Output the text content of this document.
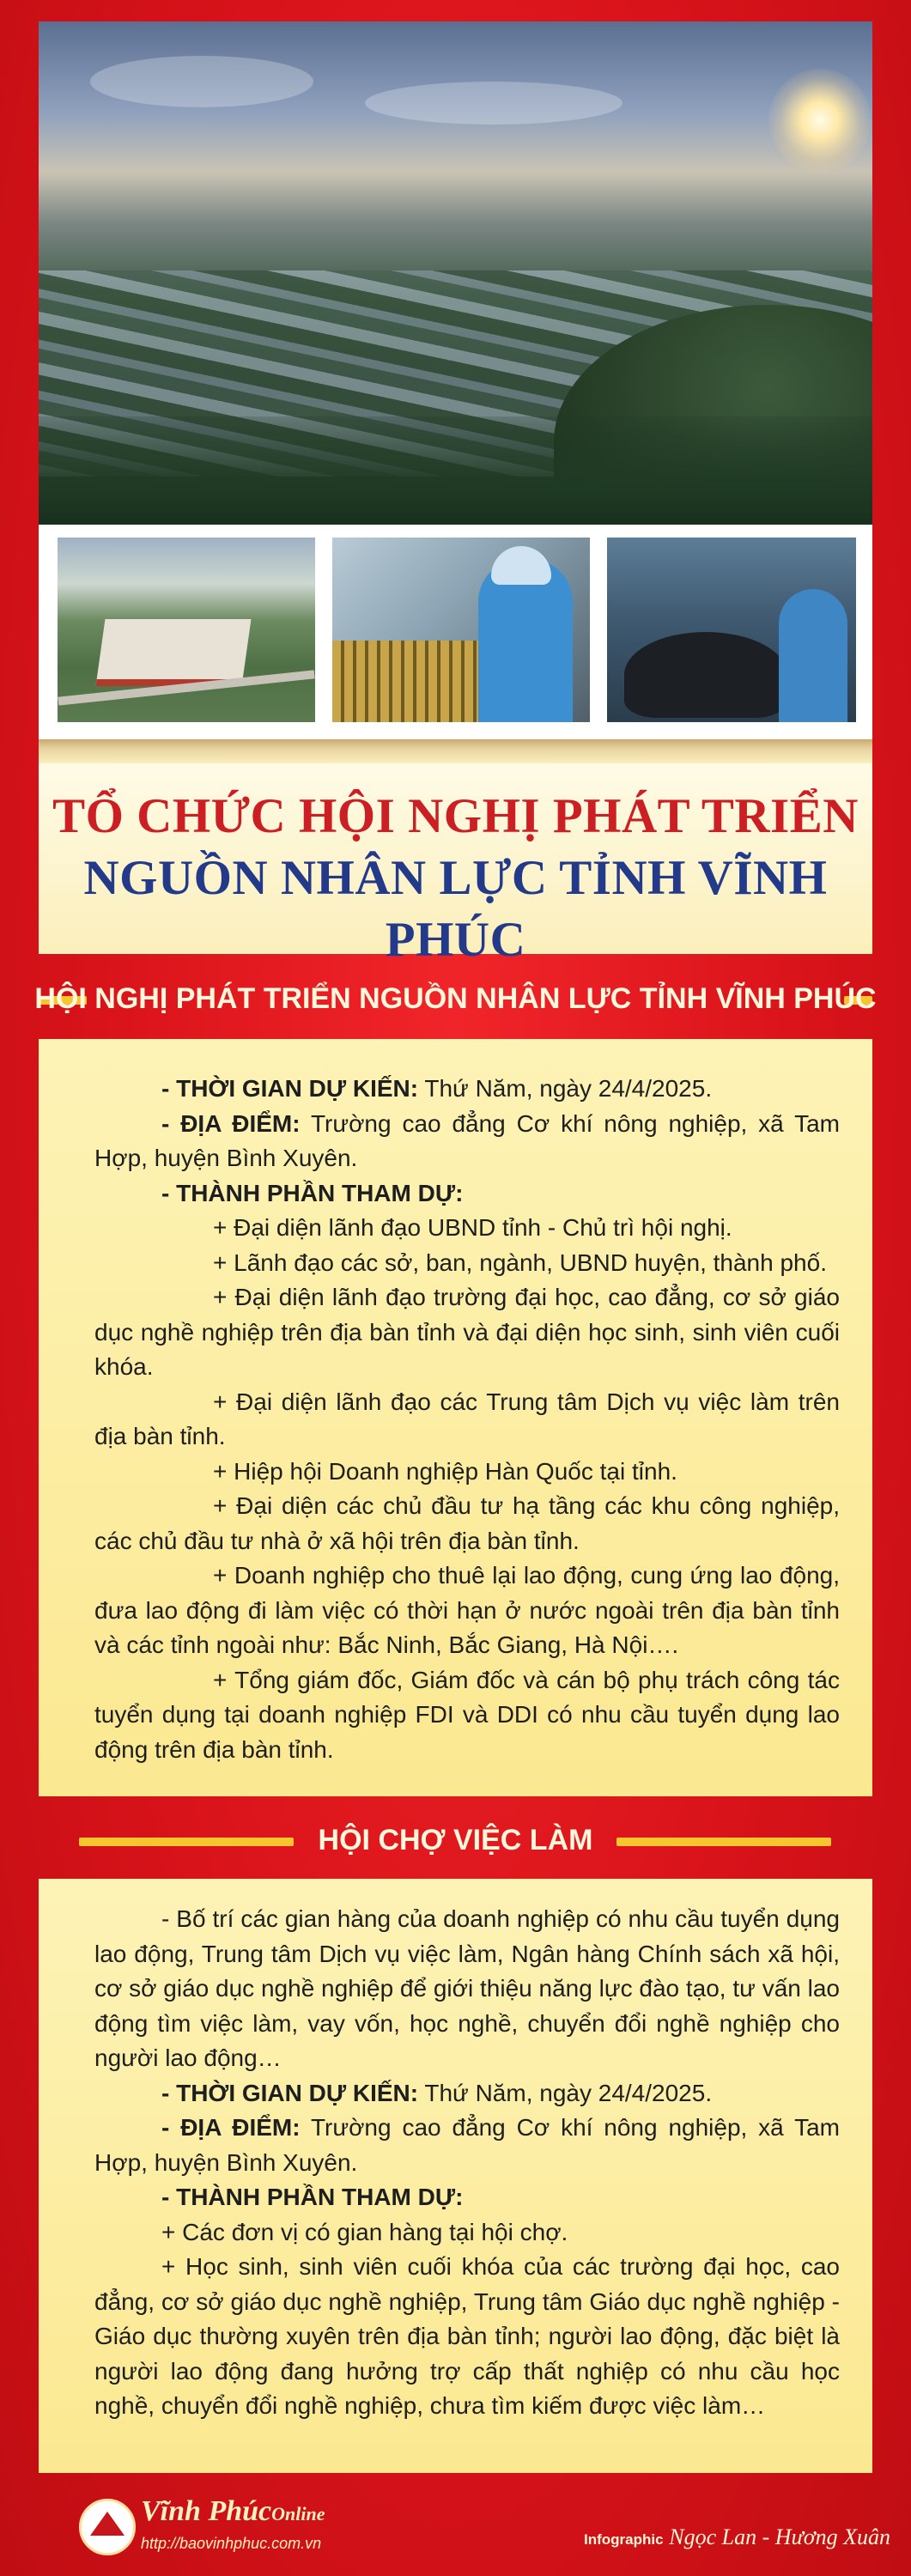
TỔ CHỨC HỘI NGHỊ PHÁT TRIỂN
NGUỒN NHÂN LỰC TỈNH VĨNH PHÚC
HỘI NGHỊ PHÁT TRIỂN NGUỒN NHÂN LỰC TỈNH VĨNH PHÚC

- THỜI GIAN DỰ KIẾN: Thứ Năm, ngày 24/4/2025.

- ĐỊA ĐIỂM: Trường cao đẳng Cơ khí nông nghiệp, xã Tam Hợp, huyện Bình Xuyên.

- THÀNH PHẦN THAM DỰ:

+ Đại diện lãnh đạo UBND tỉnh - Chủ trì hội nghị.

+ Lãnh đạo các sở, ban, ngành, UBND huyện, thành phố.

+ Đại diện lãnh đạo trường đại học, cao đẳng, cơ sở giáo dục nghề nghiệp trên địa bàn tỉnh và đại diện học sinh, sinh viên cuối khóa.

+ Đại diện lãnh đạo các Trung tâm Dịch vụ việc làm trên địa bàn tỉnh.

+ Hiệp hội Doanh nghiệp Hàn Quốc tại tỉnh.

+ Đại diện các chủ đầu tư hạ tầng các khu công nghiệp, các chủ đầu tư nhà ở xã hội trên địa bàn tỉnh.

+ Doanh nghiệp cho thuê lại lao động, cung ứng lao động, đưa lao động đi làm việc có thời hạn ở nước ngoài trên địa bàn tỉnh và các tỉnh ngoài như: Bắc Ninh, Bắc Giang, Hà Nội….

+ Tổng giám đốc, Giám đốc và cán bộ phụ trách công tác tuyển dụng tại doanh nghiệp FDI và DDI có nhu cầu tuyển dụng lao động trên địa bàn tỉnh.

HỘI CHỢ VIỆC LÀM

- Bố trí các gian hàng của doanh nghiệp có nhu cầu tuyển dụng lao động, Trung tâm Dịch vụ việc làm, Ngân hàng Chính sách xã hội, cơ sở giáo dục nghề nghiệp để giới thiệu năng lực đào tạo, tư vấn lao động tìm việc làm, vay vốn, học nghề, chuyển đổi nghề nghiệp cho người lao động…

- THỜI GIAN DỰ KIẾN: Thứ Năm, ngày 24/4/2025.

- ĐỊA ĐIỂM: Trường cao đẳng Cơ khí nông nghiệp, xã Tam Hợp, huyện Bình Xuyên.

- THÀNH PHẦN THAM DỰ:

+ Các đơn vị có gian hàng tại hội chợ.

+ Học sinh, sinh viên cuối khóa của các trường đại học, cao đẳng, cơ sở giáo dục nghề nghiệp, Trung tâm Giáo dục nghề nghiệp - Giáo dục thường xuyên trên địa bàn tỉnh; người lao động, đặc biệt là người lao động đang hưởng trợ cấp thất nghiệp có nhu cầu học nghề, chuyển đổi nghề nghiệp, chưa tìm kiếm được việc làm…

Vĩnh PhúcOnline
http://baovinhphuc.com.vn	Infographic Ngọc Lan - Hương Xuân
